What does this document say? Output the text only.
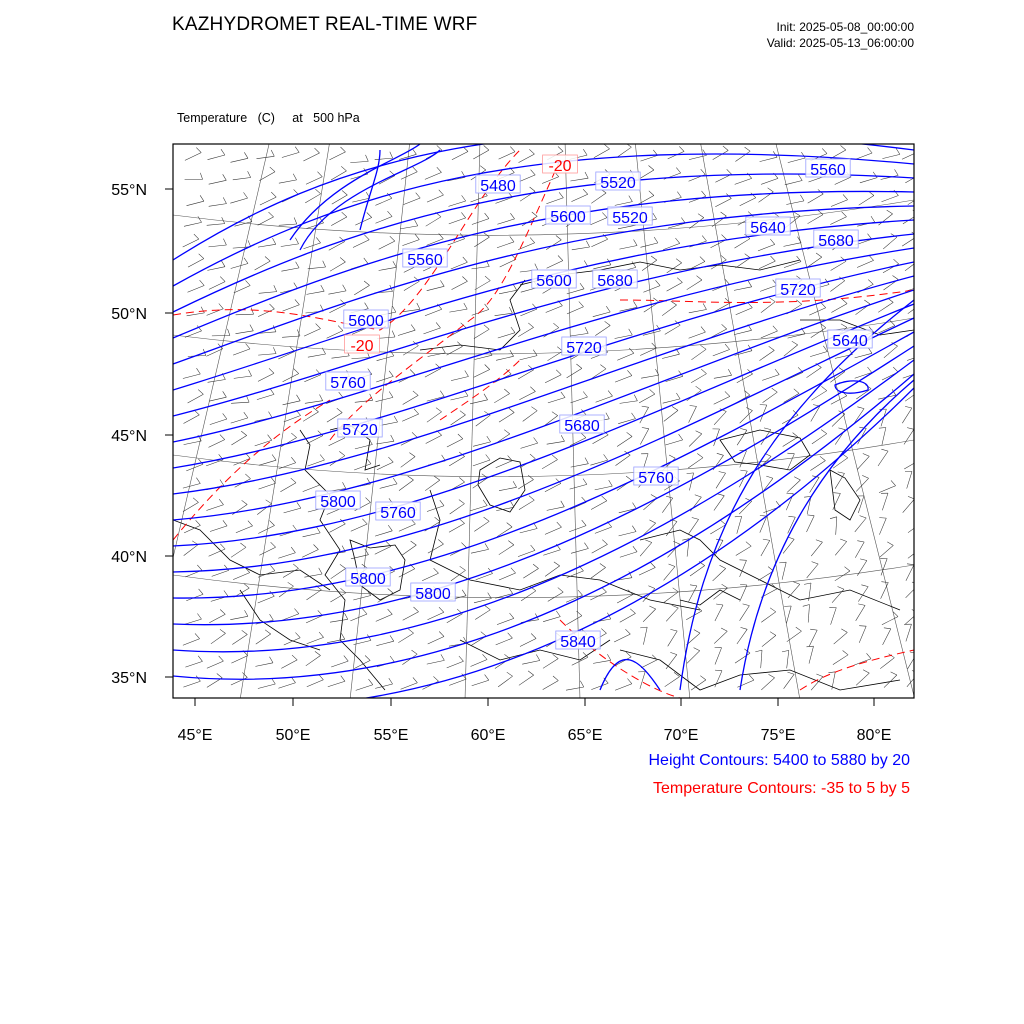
KAZHYDROMET REAL-TIME WRF	Init: 2025-05-08_00:00:00
Valid: 2025-05-13_06:00:00

Temperature   (C)     at   500 hPa

5480	5520
5560
5600 5520
5560
5640
5680
5600 5680
5720
5600
5640
5720
5760
5680
5720
5760
5800
5760
5800
5800
5840
-20
-20
55°N
50°N
45°N
40°N
35°N
45°E	50°E	55°E	60°E	65°E	70°E	75°E	80°E
Height Contours: 5400 to 5880 by 20
Temperature Contours: -35 to 5 by 5
